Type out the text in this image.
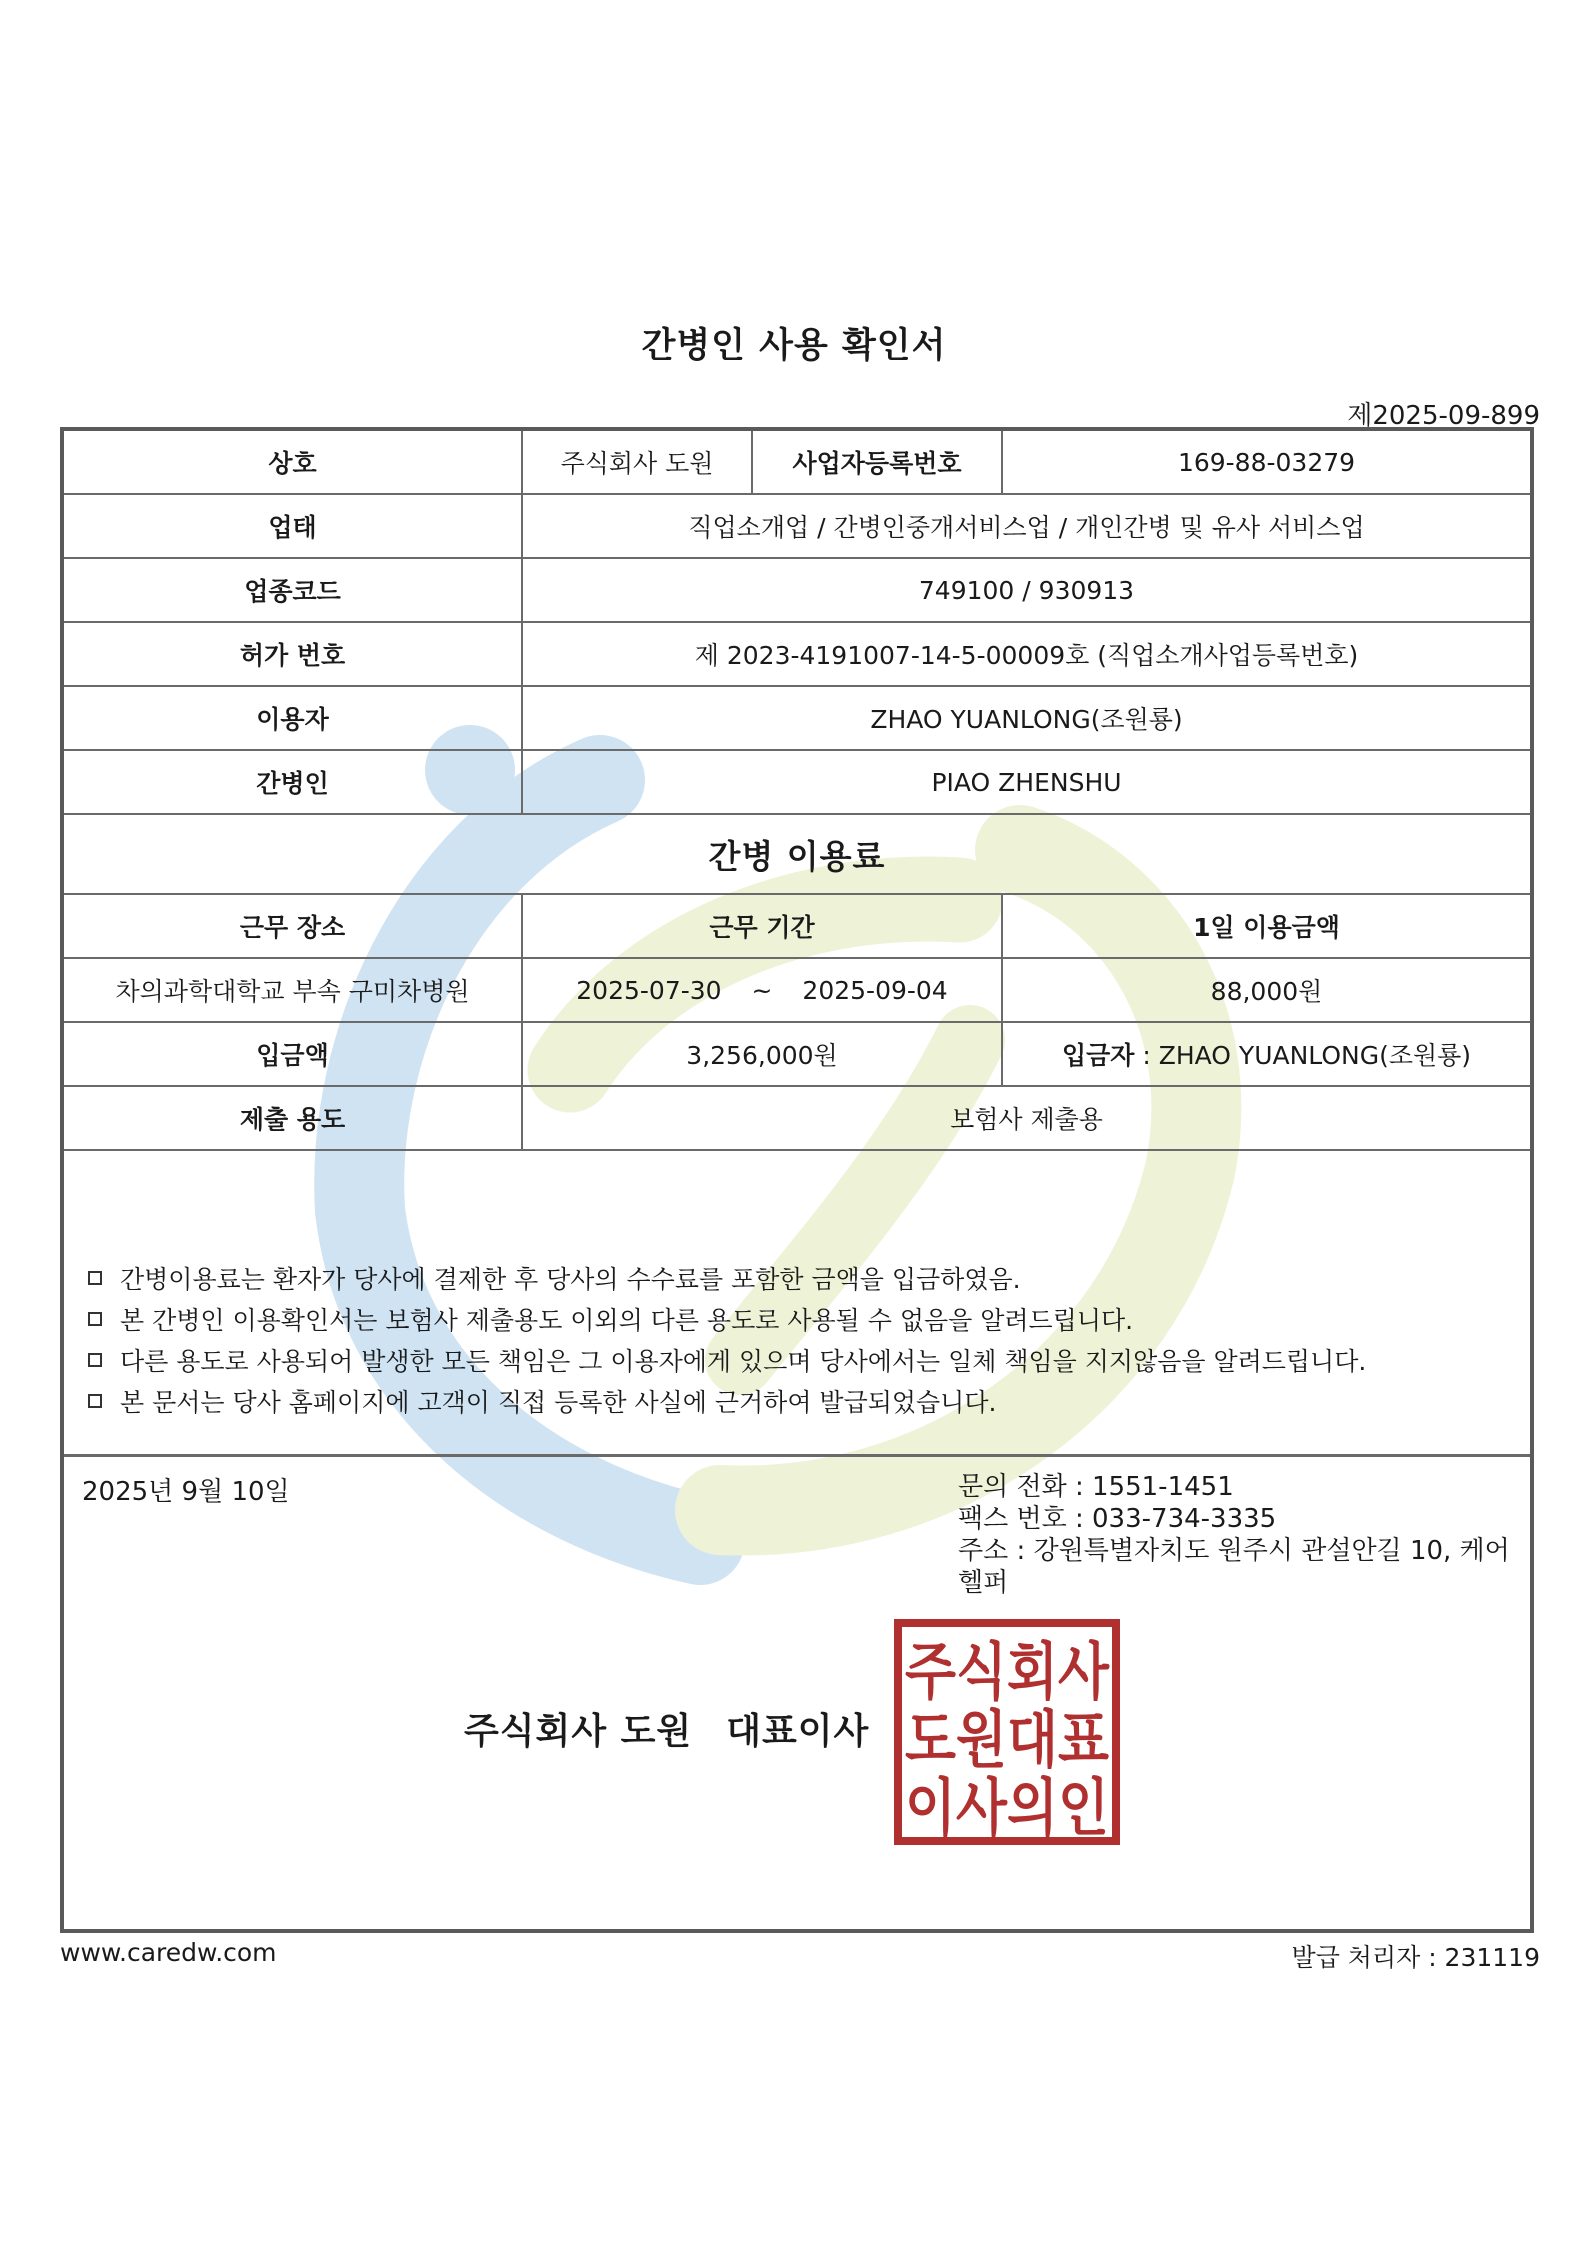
간병인 사용 확인서
제2025-09-899
상호	주식회사 도원	사업자등록번호	169-88-03279
업태	직업소개업 / 간병인중개서비스업 / 개인간병 및 유사 서비스업		
업종코드	749100 / 930913		
허가 번호	제 2023-4191007-14-5-00009호 (직업소개사업등록번호)		
이용자	ZHAO YUANLONG(조원룡)		
간병인	PIAO ZHENSHU		
간병 이용료			
근무 장소	근무 기간		1일 이용금액
차의과학대학교 부속 구미차병원	2025-07-30 ~ 2025-09-04		88,000원
입금액	3,256,000원		입금자 : ZHAO YUANLONG(조원룡)
제출 용도	보험사 제출용		
간병이용료는 환자가 당사에 결제한 후 당사의 수수료를 포함한 금액을 입금하였음.
본 간병인 이용확인서는 보험사 제출용도 이외의 다른 용도로 사용될 수 없음을 알려드립니다.
다른 용도로 사용되어 발생한 모든 책임은 그 이용자에게 있으며 당사에서는 일체 책임을 지지않음을 알려드립니다.
본 문서는 당사 홈페이지에 고객이 직접 등록한 사실에 근거하여 발급되었습니다.
2025년 9월 10일	문의 전화 : 1551-1451
팩스 번호 : 033-734-3335
주소 : 강원특별자치도 원주시 관설안길 10, 케어헬퍼
주식회사 도원 대표이사
주식회사
도원대표
이사의인
www.caredw.com	발급 처리자 : 231119
